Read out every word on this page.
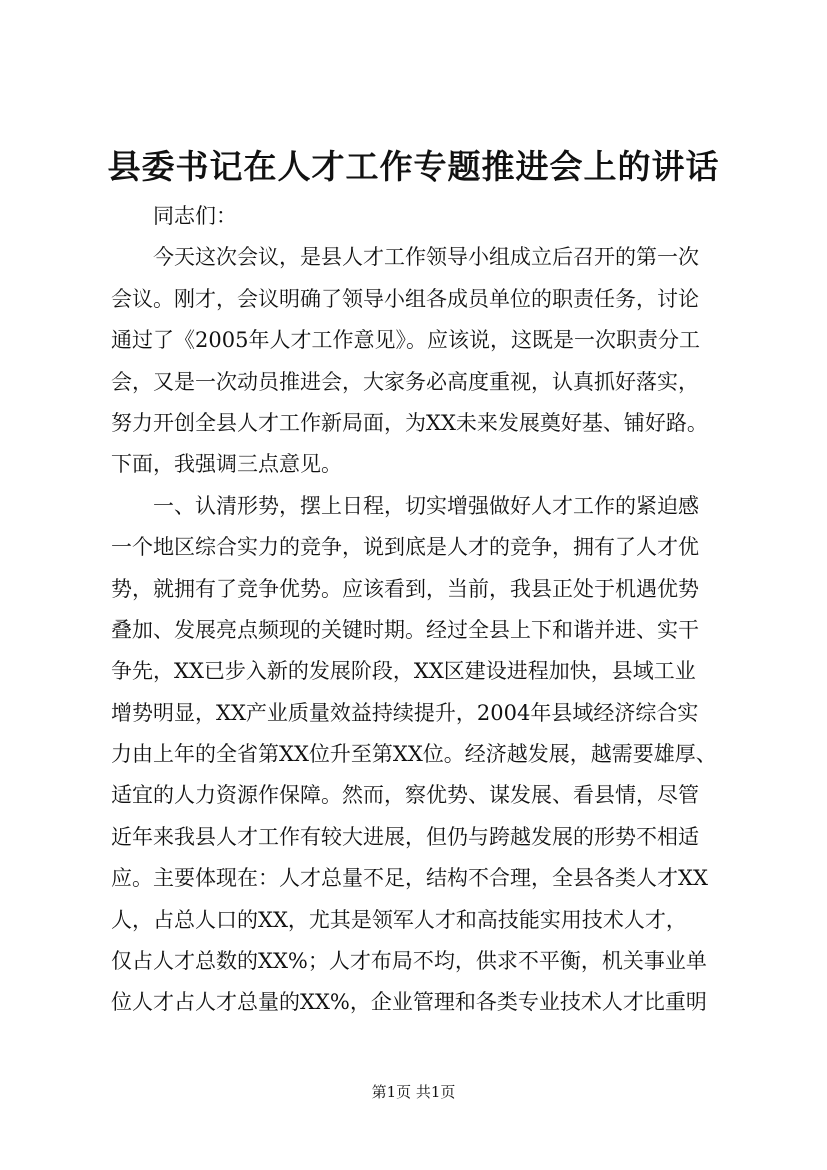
县委书记在人才工作专题推进会上的讲话
同志们：
今天这次会议，是县人才工作领导小组成立后召开的第一次
会议。刚才，会议明确了领导小组各成员单位的职责任务，讨论
通过了《2005年人才工作意见》。应该说，这既是一次职责分工
会，又是一次动员推进会，大家务必高度重视，认真抓好落实，
努力开创全县人才工作新局面，为XX未来发展奠好基、铺好路。
下面，我强调三点意见。
一、认清形势，摆上日程，切实增强做好人才工作的紧迫感
一个地区综合实力的竞争，说到底是人才的竞争，拥有了人才优
势，就拥有了竞争优势。应该看到，当前，我县正处于机遇优势
叠加、发展亮点频现的关键时期。经过全县上下和谐并进、实干
争先，XX已步入新的发展阶段，XX区建设进程加快，县域工业
增势明显，XX产业质量效益持续提升，2004年县域经济综合实
力由上年的全省第XX位升至第XX位。经济越发展，越需要雄厚、
适宜的人力资源作保障。然而，察优势、谋发展、看县情，尽管
近年来我县人才工作有较大进展，但仍与跨越发展的形势不相适
应。主要体现在：人才总量不足，结构不合理，全县各类人才XX
人，占总人口的XX，尤其是领军人才和高技能实用技术人才，
仅占人才总数的XX%；人才布局不均，供求不平衡，机关事业单
位人才占人才总量的XX%，企业管理和各类专业技术人才比重明
第1页 共1页
